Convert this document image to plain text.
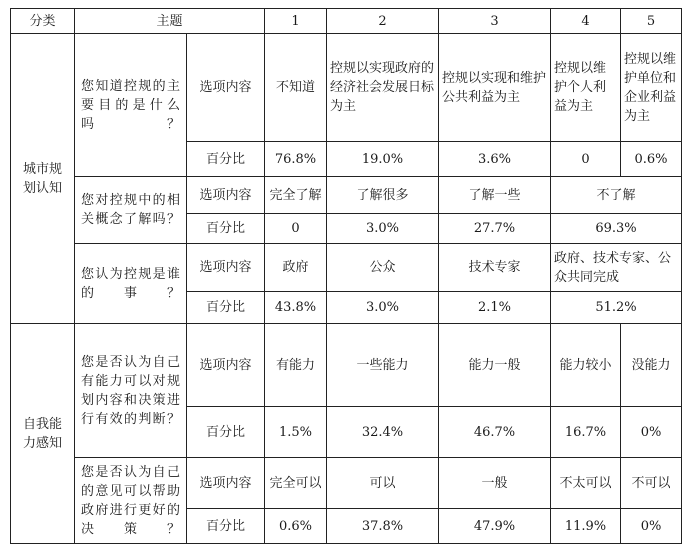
分类	主题		1	2	3	4	5
城市规划认知	您知道控规的主要目的是什么吗？	选项内容	不知道	控规以实现政府的经济社会发展日标为主	控规以实现和维护公共利益为主	控规以维护个人利益为主	控规以维护单位和企业利益为主
		百分比	76.8%	19.0%	3.6%	0	0.6%
	您对控规中的相关概念了解吗？	选项内容	完全了解	了解很多	了解一些	不了解	
		百分比	0	3.0%	27.7%	69.3%	
	您认为控规是谁的事？	选项内容	政府	公众	技术专家	政府、技术专家、公众共同完成	
		百分比	43.8%	3.0%	2.1%	51.2%	
自我能力感知	您是否认为自己有能力可以对规划内容和决策进行有效的判断？	选项内容	有能力	一些能力	能力一般	能力较小	没能力
		百分比	1.5%	32.4%	46.7%	16.7%	0%
	您是否认为自己的意见可以帮助政府进行更好的决策？	选项内容	完全可以	可以	一般	不太可以	不可以
		百分比	0.6%	37.8%	47.9%	11.9%	0%
